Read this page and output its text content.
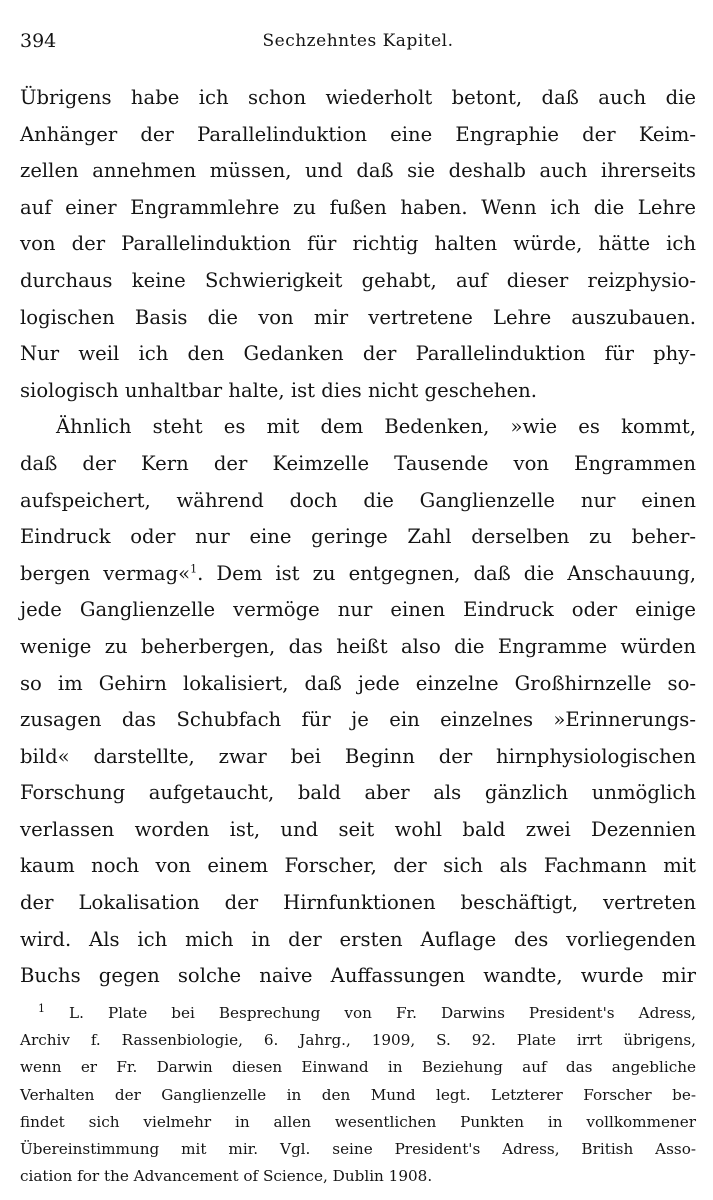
394	Sechzehntes Kapitel.
Übrigens habe ich schon wiederholt betont, daß auch die
Anhänger der Parallelinduktion eine Engraphie der Keim-
zellen annehmen müssen, und daß sie deshalb auch ihrerseits
auf einer Engrammlehre zu fußen haben. Wenn ich die Lehre
von der Parallelinduktion für richtig halten würde, hätte ich
durchaus keine Schwierigkeit gehabt, auf dieser reizphysio-
logischen Basis die von mir vertretene Lehre auszubauen.
Nur weil ich den Gedanken der Parallelinduktion für phy-
siologisch unhaltbar halte, ist dies nicht geschehen.
Ähnlich steht es mit dem Bedenken, »wie es kommt,
daß der Kern der Keimzelle Tausende von Engrammen
aufspeichert, während doch die Ganglienzelle nur einen
Eindruck oder nur eine geringe Zahl derselben zu beher-
bergen vermag«$^1$. Dem ist zu entgegnen, daß die Anschauung,
jede Ganglienzelle vermöge nur einen Eindruck oder einige
wenige zu beherbergen, das heißt also die Engramme würden
so im Gehirn lokalisiert, daß jede einzelne Großhirnzelle so-
zusagen das Schubfach für je ein einzelnes »Erinnerungs-
bild« darstellte, zwar bei Beginn der hirnphysiologischen
Forschung aufgetaucht, bald aber als gänzlich unmöglich
verlassen worden ist, und seit wohl bald zwei Dezennien
kaum noch von einem Forscher, der sich als Fachmann mit
der Lokalisation der Hirnfunktionen beschäftigt, vertreten
wird. Als ich mich in der ersten Auflage des vorliegenden
Buchs gegen solche naive Auffassungen wandte, wurde mir
$^1$ L. Plate bei Besprechung von Fr. Darwins President's Adress,
Archiv f. Rassenbiologie, 6. Jahrg., 1909, S. 92. Plate irrt übrigens,
wenn er Fr. Darwin diesen Einwand in Beziehung auf das angebliche
Verhalten der Ganglienzelle in den Mund legt. Letzterer Forscher be-
findet sich vielmehr in allen wesentlichen Punkten in vollkommener
Übereinstimmung mit mir. Vgl. seine President's Adress, British Asso-
ciation for the Advancement of Science, Dublin 1908.
